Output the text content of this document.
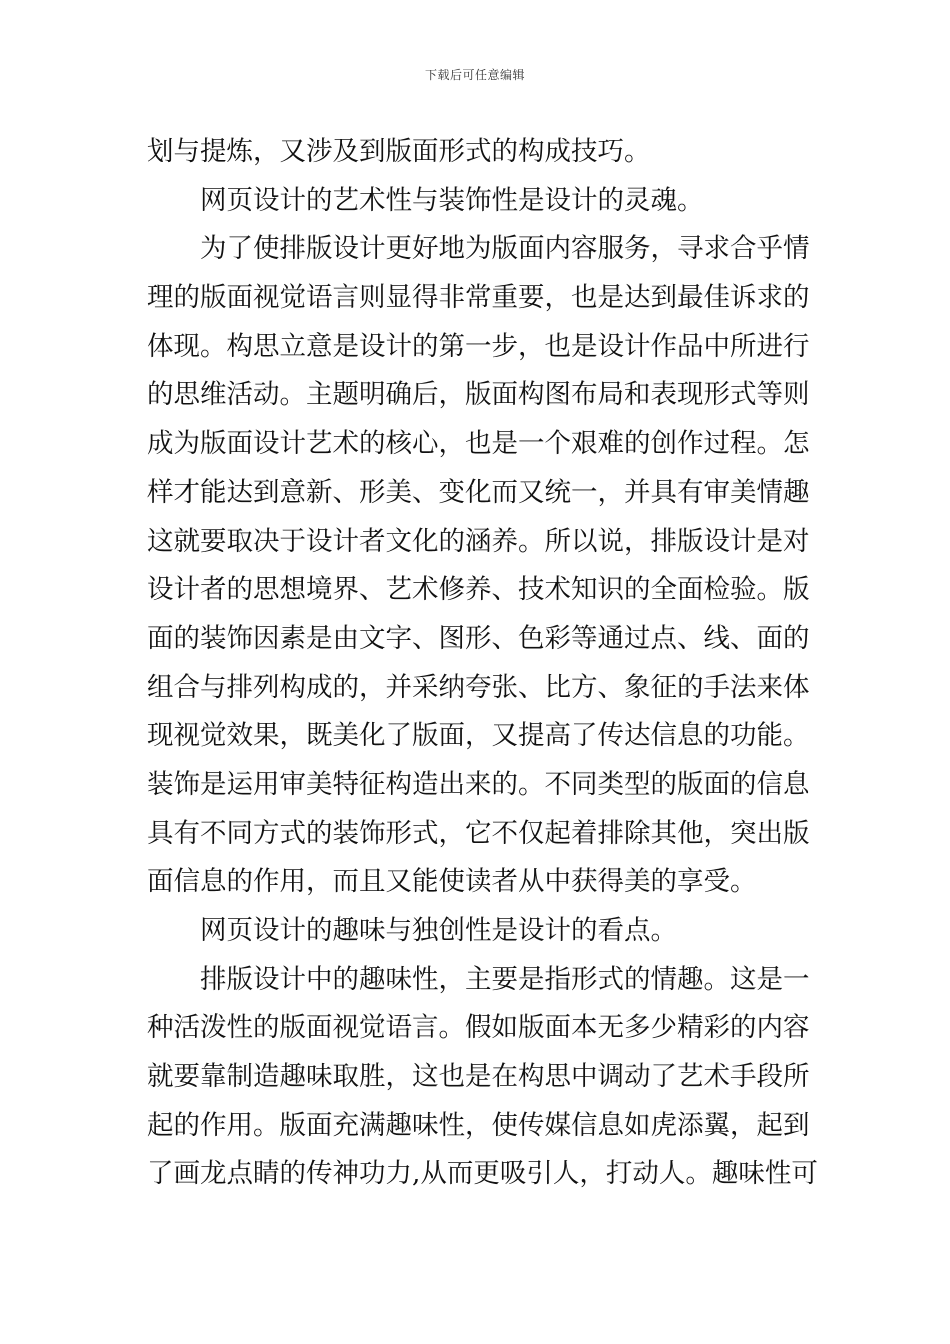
下载后可任意编辑
划与提炼，又涉及到版面形式的构成技巧。
网页设计的艺术性与装饰性是设计的灵魂。
为了使排版设计更好地为版面内容服务，寻求合乎情
理的版面视觉语言则显得非常重要，也是达到最佳诉求的
体现。构思立意是设计的第一步，也是设计作品中所进行
的思维活动。主题明确后，版面构图布局和表现形式等则
成为版面设计艺术的核心，也是一个艰难的创作过程。怎
样才能达到意新、形美、变化而又统一，并具有审美情趣
这就要取决于设计者文化的涵养。所以说，排版设计是对
设计者的思想境界、艺术修养、技术知识的全面检验。版
面的装饰因素是由文字、图形、色彩等通过点、线、面的
组合与排列构成的，并采纳夸张、比方、象征的手法来体
现视觉效果，既美化了版面，又提高了传达信息的功能。
装饰是运用审美特征构造出来的。不同类型的版面的信息
具有不同方式的装饰形式，它不仅起着排除其他，突出版
面信息的作用，而且又能使读者从中获得美的享受。
网页设计的趣味与独创性是设计的看点。
排版设计中的趣味性，主要是指形式的情趣。这是一
种活泼性的版面视觉语言。假如版面本无多少精彩的内容
就要靠制造趣味取胜，这也是在构思中调动了艺术手段所
起的作用。版面充满趣味性，使传媒信息如虎添翼，起到
了画龙点睛的传神功力,从而更吸引人，打动人。趣味性可
